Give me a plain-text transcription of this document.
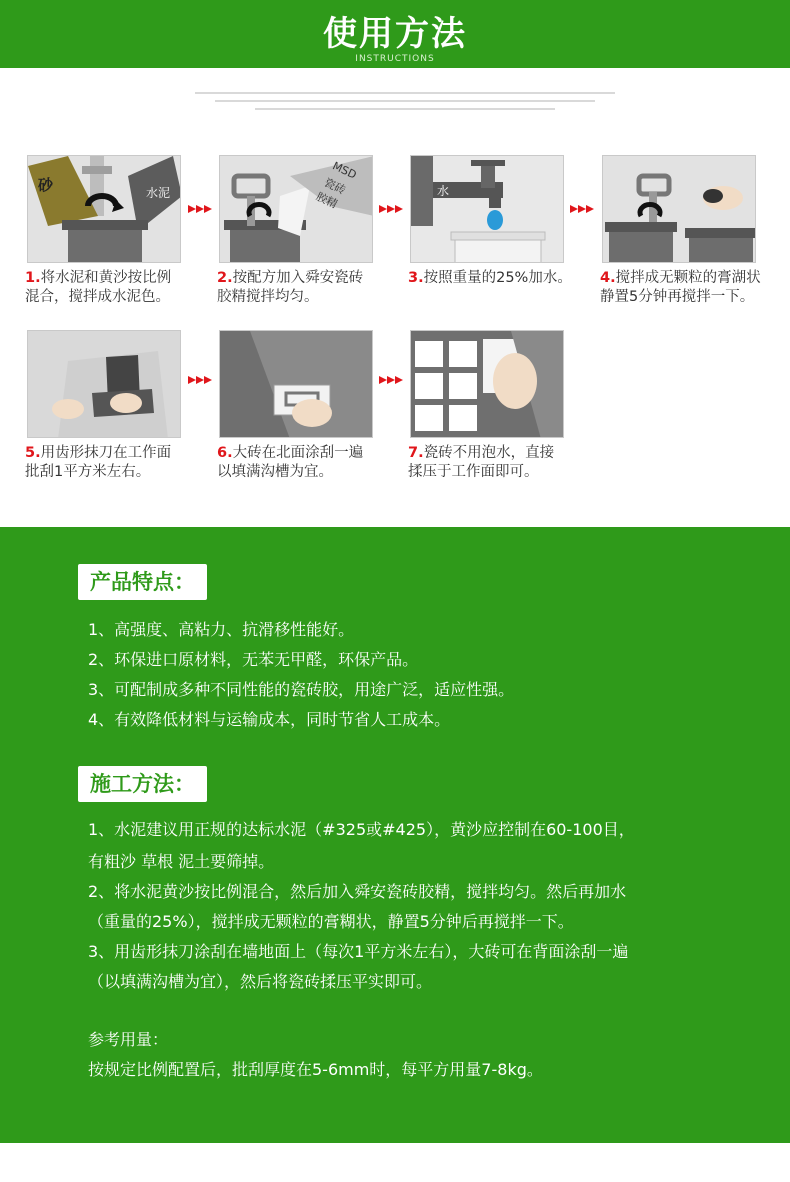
使用方法
INSTRUCTIONS
砂	水泥
1.将水泥和黄沙按比例
混合，搅拌成水泥色。
MSD
瓷砖
胶精
2.按配方加入舜安瓷砖
胶精搅拌均匀。
水
3.按照重量的25%加水。	4.搅拌成无颗粒的膏湖状
静置5分钟再搅拌一下。
5.用齿形抹刀在工作面
批刮1平方米左右。
6.大砖在北面涂刮一遍
以填满沟槽为宜。
7.瓷砖不用泡水，直接
揉压于工作面即可。
产品特点：
1、高强度、高粘力、抗滑移性能好。
2、环保进口原材料，无苯无甲醛，环保产品。
3、可配制成多种不同性能的瓷砖胶，用途广泛，适应性强。
4、有效降低材料与运输成本，同时节省人工成本。
施工方法：
1、水泥建议用正规的达标水泥（#325或#425），黄沙应控制在60-100目，
有粗沙 草根 泥土要筛掉。
2、将水泥黄沙按比例混合，然后加入舜安瓷砖胶精，搅拌均匀。然后再加水
（重量的25%），搅拌成无颗粒的膏糊状，静置5分钟后再搅拌一下。
3、用齿形抹刀涂刮在墙地面上（每次1平方米左右），大砖可在背面涂刮一遍
（以填满沟槽为宜），然后将瓷砖揉压平实即可。
参考用量：
按规定比例配置后，批刮厚度在5-6mm时，每平方用量7-8kg。
